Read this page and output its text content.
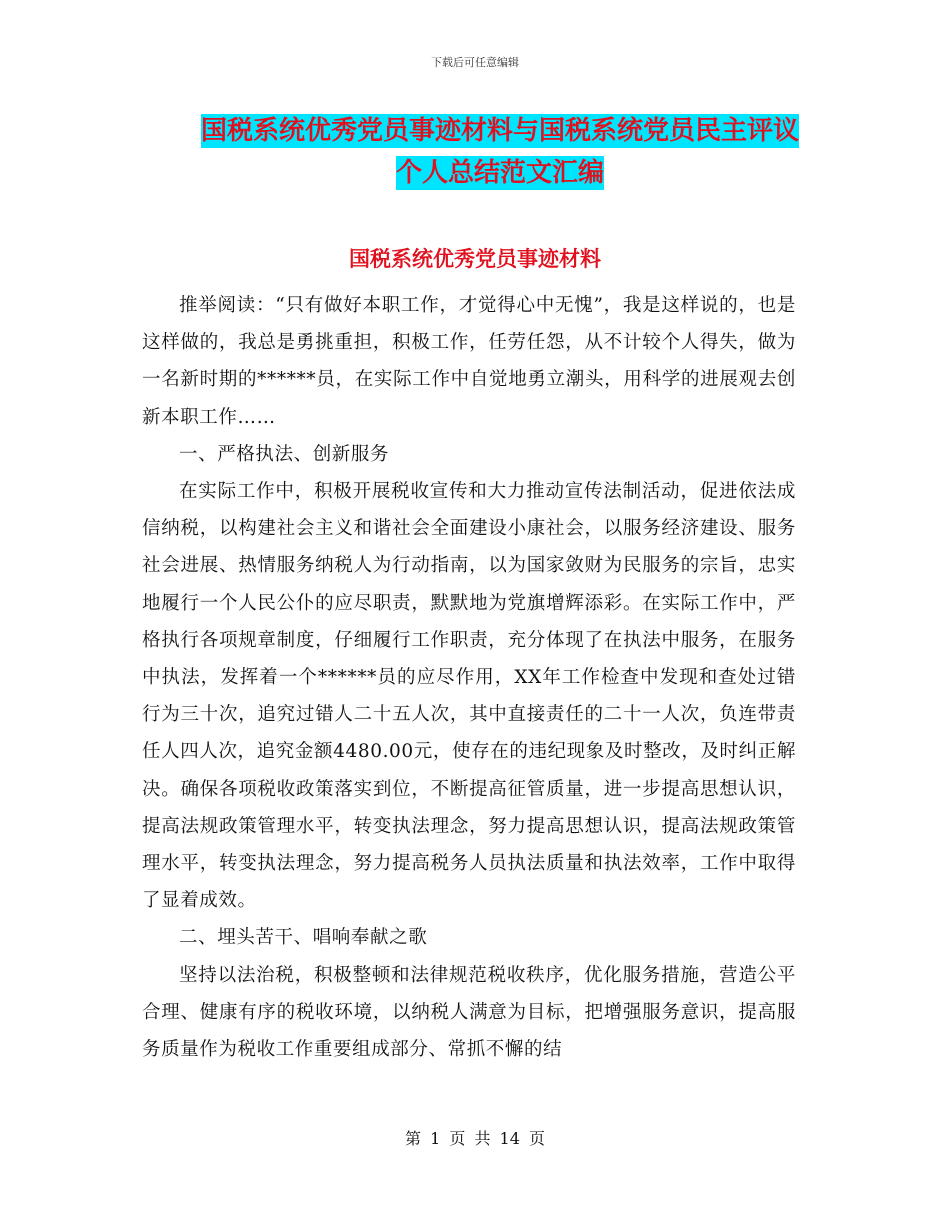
下载后可任意编辑
国税系统优秀党员事迹材料与国税系统党员民主评议
个人总结范文汇编
国税系统优秀党员事迹材料

推举阅读：“只有做好本职工作，才觉得心中无愧”，我是这样说的，也是这样做的，我总是勇挑重担，积极工作，任劳任怨，从不计较个人得失，做为一名新时期的******员，在实际工作中自觉地勇立潮头，用科学的进展观去创新本职工作……

一、严格执法、创新服务

在实际工作中，积极开展税收宣传和大力推动宣传法制活动，促进依法成信纳税，以构建社会主义和谐社会全面建设小康社会，以服务经济建设、服务社会进展、热情服务纳税人为行动指南，以为国家敛财为民服务的宗旨，忠实地履行一个人民公仆的应尽职责，默默地为党旗增辉添彩。在实际工作中，严格执行各项规章制度，仔细履行工作职责，充分体现了在执法中服务，在服务中执法，发挥着一个******员的应尽作用，XX年工作检查中发现和查处过错行为三十次，追究过错人二十五人次，其中直接责任的二十一人次，负连带责任人四人次，追究金额4480.00元，使存在的违纪现象及时整改，及时纠正解决。确保各项税收政策落实到位，不断提高征管质量，进一步提高思想认识，提高法规政策管理水平，转变执法理念，努力提高思想认识，提高法规政策管理水平，转变执法理念，努力提高税务人员执法质量和执法效率，工作中取得了显着成效。

二、埋头苦干、唱响奉献之歌

坚持以法治税，积极整顿和法律规范税收秩序，优化服务措施，营造公平合理、健康有序的税收环境，以纳税人满意为目标，把增强服务意识，提高服务质量作为税收工作重要组成部分、常抓不懈的结

第 1 页 共 14 页
